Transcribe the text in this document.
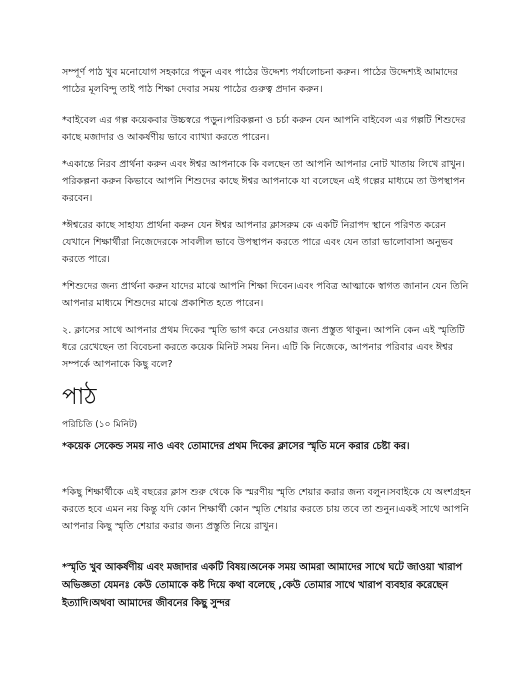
সম্পূর্ণ পাঠ খুব মনোযোগ সহকারে পড়ুন এবং পাঠের উদ্দেশ্য পর্যালোচনা করুন। পাঠের উদ্দেশ্যই আমাদের পাঠের মূলবিন্দু তাই পাঠ শিক্ষা দেবার সময় পাঠের গুরুত্ব প্রদান করুন।

*বাইবেল এর গল্প কয়েকবার উচ্চস্বরে পড়ুন।পরিকল্পনা ও চর্চা করুন যেন আপনি বাইবেল এর গল্পটি শিশুদের কাছে মজাদার ও আকর্ষণীয় ভাবে ব্যাখ্যা করতে পারেন।

*একান্তে নিরব প্রার্থনা করুন এবং ঈশ্বর আপনাকে কি বলছেন তা আপনি আপনার নোট খাতায় লিখে রাখুন।পরিকল্পনা করুন কিভাবে আপনি শিশুদের কাছে ঈশ্বর আপনাকে যা বলেছেন এই গল্পের মাধ্যমে তা উপস্থাপন করবেন।

*ঈশ্বরের কাছে সাহায্য প্রার্থনা করুন যেন ঈশ্বর আপনার ক্লাসরুম কে একটি নিরাপদ স্থানে পরিণত করেন যেখানে শিক্ষার্থীরা নিজেদেরকে সাবলীল ভাবে উপস্থাপন করতে পারে এবং যেন তারা ভালোবাসা অনুভব করতে পারে।

*শিশুদের জন্য প্রার্থনা করুন যাদের মাঝে আপনি শিক্ষা দিবেন।এবং পবিত্র আত্মাকে স্বাগত জানান যেন তিনি আপনার মাধ্যমে শিশুদের মাঝে প্রকাশিত হতে পারেন।

২. ক্লাসের সাথে আপনার প্রথম দিকের স্মৃতি ভাগ করে নেওয়ার জন্য প্রস্তুত থাকুন। আপনি কেন এই স্মৃতিটি ধরে রেখেছেন তা বিবেচনা করতে কয়েক মিনিট সময় নিন। এটি কি নিজেকে, আপনার পরিবার এবং ঈশ্বর সম্পর্কে আপনাকে কিছু বলে?

পাঠ

পরিচিতি (১০ মিনিট)

*কয়েক সেকেন্ড সময় নাও এবং তোমাদের প্রথম দিকের ক্লাসের স্মৃতি মনে করার চেষ্টা কর।

*কিছু শিক্ষার্থীকে এই বছরের ক্লাস শুরু থেকে কি স্মরণীয় স্মৃতি শেয়ার করার জন্য বলুন।সবাইকে যে অংশগ্রহন করতে হবে এমন নয় কিন্তু যদি কোন শিক্ষার্থী কোন স্মৃতি শেয়ার করতে চায় তবে তা শুনুন।একই সাথে আপনি আপনার কিছু স্মৃতি শেয়ার করার জন্য প্রস্তুতি নিয়ে রাখুন।

*স্মৃতি খুব আকর্ষণীয় এবং মজাদার একটি বিষয়।অনেক সময় আমরা আমাদের সাথে ঘটে জাওয়া খারাপ অভিজ্ঞতা যেমনঃ কেউ তোমাকে কষ্ট দিয়ে কথা বলেছে ,কেউ তোমার সাথে খারাপ ব্যবহার করেছেন ইত্যাদি।অথবা আমাদের জীবনের কিছু সুন্দর
